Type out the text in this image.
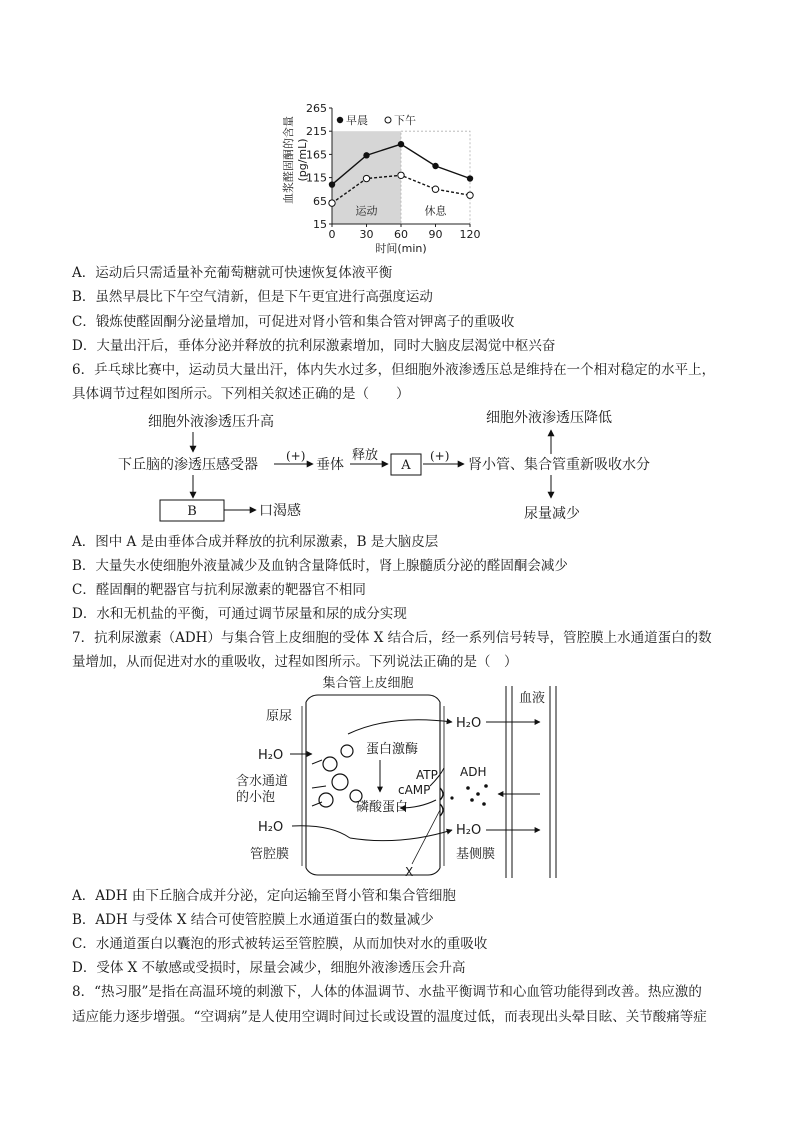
血浆醛固酮的含量 (pg/mL)
时间(min)
运动	休息
早晨 下午
15
65
115
165
215
265
0 30 60 90 120
A．运动后只需适量补充葡萄糖就可快速恢复体液平衡
B．虽然早晨比下午空气清新，但是下午更宜进行高强度运动
C．锻炼使醛固酮分泌量增加，可促进对肾小管和集合管对钾离子的重吸收
D．大量出汗后，垂体分泌并释放的抗利尿激素增加，同时大脑皮层渴觉中枢兴奋
6．乒乓球比赛中，运动员大量出汗，体内失水过多，但细胞外液渗透压总是维持在一个相对稳定的水平上，
具体调节过程如图所示。下列相关叙述正确的是（　　）
细胞外液渗透压升高
下丘脑的渗透压感受器
(+)
垂体
释放
A
(+)
肾小管、集合管重新吸收水分
细胞外液渗透压降低
尿量减少
B	口渴感
A．图中 A 是由垂体合成并释放的抗利尿激素，B 是大脑皮层
B．大量失水使细胞外液量减少及血钠含量降低时，肾上腺髓质分泌的醛固酮会减少
C．醛固酮的靶器官与抗利尿激素的靶器官不相同
D．水和无机盐的平衡，可通过调节尿量和尿的成分实现
7．抗利尿激素（ADH）与集合管上皮细胞的受体 X 结合后，经一系列信号转导，管腔膜上水通道蛋白的数
量增加，从而促进对水的重吸收，过程如图所示。下列说法正确的是（　）
集合管上皮细胞
血液
原尿	H₂O
蛋白激酶
ATP
cAMP
磷酸蛋白
H₂O
含水通道
的小泡
H₂O	H₂O
ADH
X
管腔膜	基侧膜
A．ADH 由下丘脑合成并分泌，定向运输至肾小管和集合管细胞
B．ADH 与受体 X 结合可使管腔膜上水通道蛋白的数量减少
C．水通道蛋白以囊泡的形式被转运至管腔膜，从而加快对水的重吸收
D．受体 X 不敏感或受损时，尿量会减少，细胞外液渗透压会升高
8．“热习服”是指在高温环境的刺激下，人体的体温调节、水盐平衡调节和心血管功能得到改善。热应激的
适应能力逐步增强。“空调病”是人使用空调时间过长或设置的温度过低，而表现出头晕目眩、关节酸痛等症
